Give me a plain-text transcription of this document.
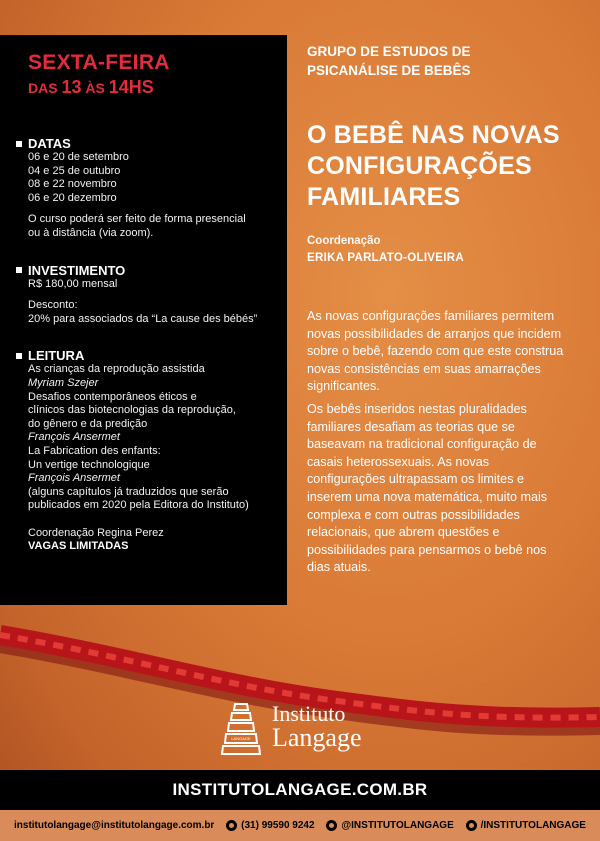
SEXTA-FEIRA
DAS 13 ÀS 14HS
DATAS
06 e 20 de setembro
04 e 25 de outubro
08 e 22 novembro
06 e 20 dezembro
O curso poderá ser feito de forma presencial
ou à distância (via zoom).
INVESTIMENTO
R$ 180,00 mensal
Desconto:
20% para associados da “La cause des bébés”
LEITURA
As crianças da reprodução assistida
Myriam Szejer
Desafios contemporâneos éticos e
clínicos das biotecnologias da reprodução,
do gênero e da predição
François Ansermet
La Fabrication des enfants:
Un vertige technologique
François Ansermet
(alguns capítulos já traduzidos que serão
publicados em 2020 pela Editora do Instituto)
Coordenação Regina Perez
VAGAS LIMITADAS
GRUPO DE ESTUDOS DE
PSICANÁLISE DE BEBÊS
O BEBÊ NAS NOVAS
CONFIGURAÇÕES
FAMILIARES
Coordenação
ERIKA PARLATO-OLIVEIRA

As novas configurações familiares permitem novas possibilidades de arranjos que incidem sobre o bebê, fazendo com que este construa novas consistências em suas amarrações significantes.

Os bebês inseridos nestas pluralidades familiares desafiam as teorias que se baseavam na tradicional configuração de casais heterossexuais. As novas configurações ultrapassam os limites e inserem uma nova matemática, muito mais complexa e com outras possibilidades relacionais, que abrem questões e possibilidades para pensarmos o bebê nos dias atuais.

LANGAGE
Instituto
Langage
INSTITUTOLANGAGE.COM.BR
institutolangage@institutolangage.com.br	(31) 99590 9242	@INSTITUTOLANGAGE	/INSTITUTOLANGAGE
